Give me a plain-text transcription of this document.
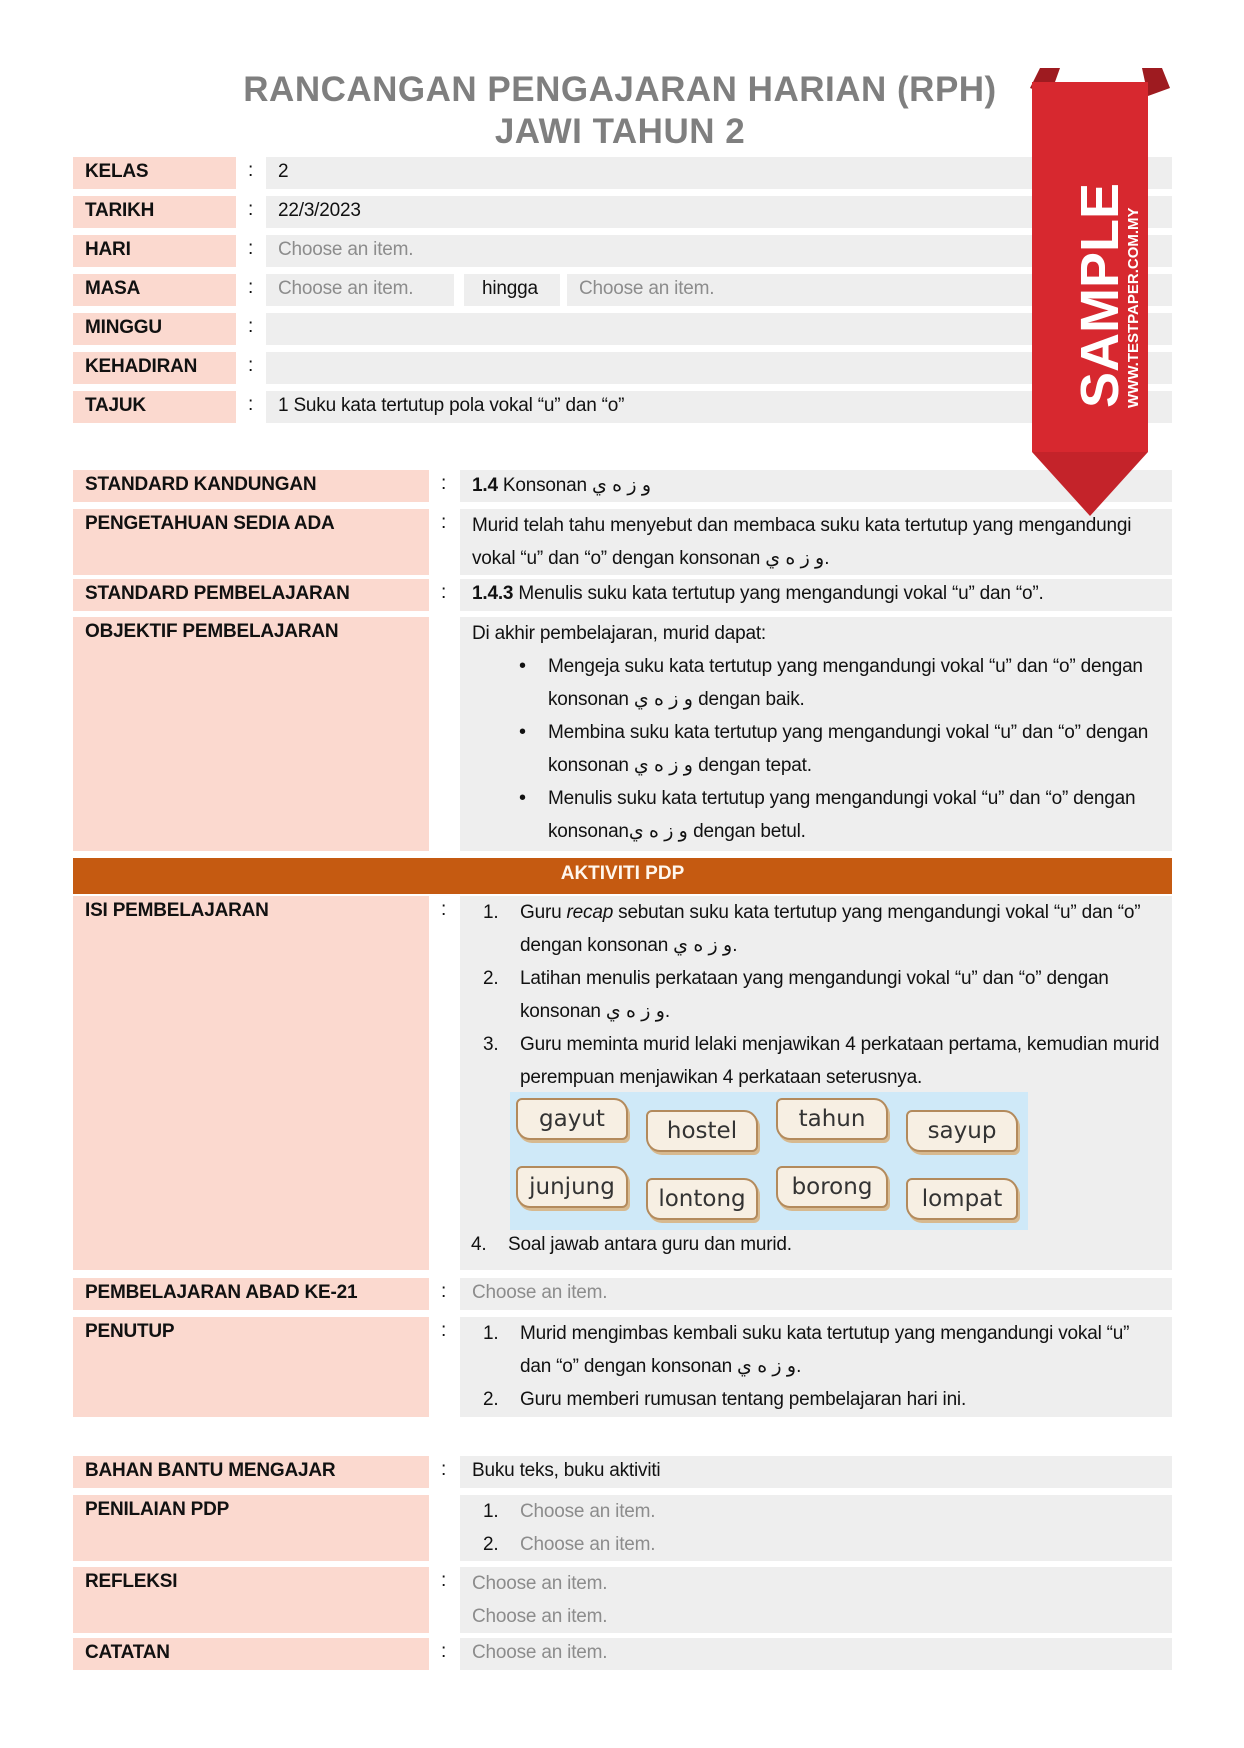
RANCANGAN PENGAJARAN HARIAN (RPH)
JAWI TAHUN 2
KELAS	:	2
TARIKH	:	22/3/2023
HARI	:	Choose an item.
MASA	:	Choose an item.	hingga	Choose an item.
MINGGU	:
KEHADIRAN	:
TAJUK	:	1 Suku kata tertutup pola vokal “u” dan “o”
STANDARD KANDUNGAN	:	1.4 Konsonan و ز ه ي
PENGETAHUAN SEDIA ADA	: Murid telah tahu menyebut dan membaca suku kata tertutup yang mengandungi
vokal “u” dan “o” dengan konsonan و ز ه ي.
STANDARD PEMBELAJARAN	:	1.4.3 Menulis suku kata tertutup yang mengandungi vokal “u” dan “o”.
OBJEKTIF PEMBELAJARAN	Di akhir pembelajaran, murid dapat:
• Mengeja suku kata tertutup yang mengandungi vokal “u” dan “o” dengan
konsonan و ز ه ي dengan baik.
• Membina suku kata tertutup yang mengandungi vokal “u” dan “o” dengan
konsonan و ز ه ي dengan tepat.
• Menulis suku kata tertutup yang mengandungi vokal “u” dan “o” dengan
konsonanو ز ه ي dengan betul.
AKTIVITI PDP
ISI PEMBELAJARAN	: 1. Guru recap sebutan suku kata tertutup yang mengandungi vokal “u” dan “o”
dengan konsonan و ز ه ي.
2. Latihan menulis perkataan yang mengandungi vokal “u” dan “o” dengan
konsonan و ز ه ي.
3. Guru meminta murid lelaki menjawikan 4 perkataan pertama, kemudian murid
perempuan menjawikan 4 perkataan seterusnya.
4. Soal jawab antara guru dan murid.
gayut	hostel	tahun	sayup
junjung	lontong	borong	lompat
PEMBELAJARAN ABAD KE-21	:	Choose an item.
PENUTUP	: 1. Murid mengimbas kembali suku kata tertutup yang mengandungi vokal “u”
dan “o” dengan konsonan و ز ه ي.
2. Guru memberi rumusan tentang pembelajaran hari ini.
BAHAN BANTU MENGAJAR	:	Buku teks, buku aktiviti
PENILAIAN PDP	1. Choose an item.
2. Choose an item.
REFLEKSI	: Choose an item.
Choose an item.
CATATAN	:	Choose an item.
SAMPLE
WWW.TESTPAPER.COM.MY
